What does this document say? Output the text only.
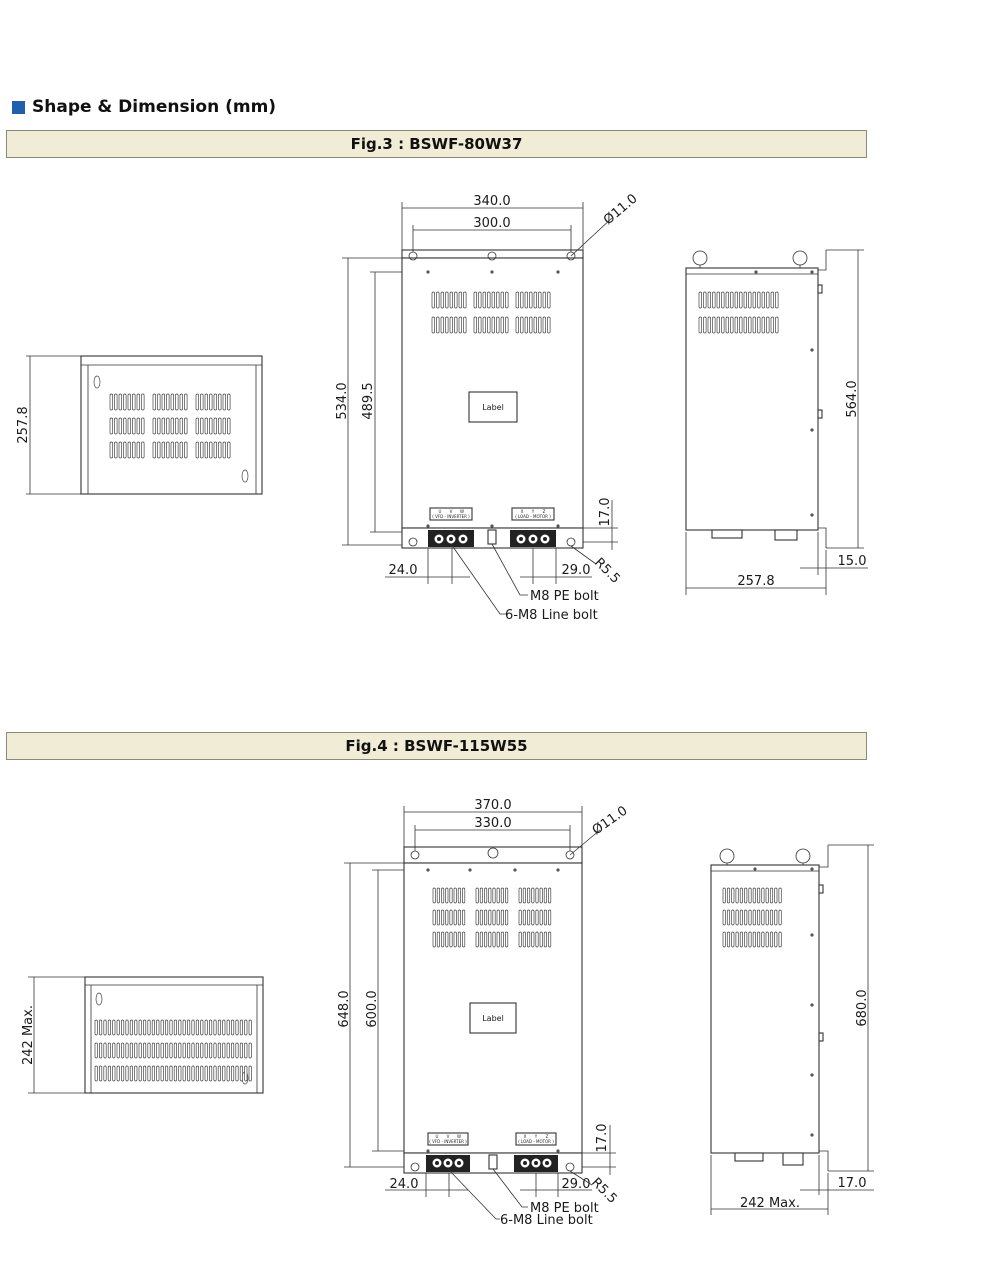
Shape & Dimension (mm)
Fig.3 : BSWF-80W37
257.8	Label
U V W
( VFD - INVERTER )
X Y Z
( LOAD - MOTOR )
340.0
300.0	Ø11.0
534.0 489.5
17.0
24.0	29.0 R5.5
M8 PE bolt
6-M8 Line bolt
564.0
257.8
15.0
Fig.4 : BSWF-115W55
242 Max.	Label
U V W
( VFD - INVERTER )
X Y Z
( LOAD - MOTOR )
370.0
330.0	Ø11.0
648.0 600.0
17.0
24.0	29.0
R5.5
M8 PE bolt
6-M8 Line bolt
680.0
242 Max.
17.0
